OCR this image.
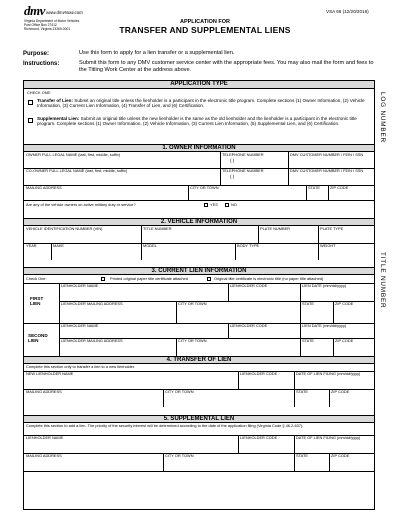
dmv www.dmvNow.com
Virginia Department of Motor Vehicles
Post Office Box 27412
Richmond, Virginia 23269-0001
VSA 66 (12/20/2016)
APPLICATION FOR
TRANSFER AND SUPPLEMENTAL LIENS
Purpose:	Use this form to apply for a lien transfer or a supplemental lien.
Instructions:	Submit this form to any DMV customer service center with the appropriate fees. You may also mail the form and fees to the Titling Work Center at the address above.
LOG NUMBER
TITLE NUMBER
APPLICATION TYPE
CHECK ONE:
Transfer of Lien: Submit an original title unless the lienholder is a participant in the electronic title program. Complete sections (1) Owner Information, (2) Vehicle Information, (3) Current Lien Information, (4) Transfer of Lien, and (6) Certification.
Supplemental Lien: Submit an original title unless the new lienholder is the same as the old lienholder and the lienholder is a participant in the electronic title program. Complete sections (1) Owner Information, (2) Vehicle Information, (3) Current Lien Information, (5) Supplemental Lien, and (6) Certification.
1. OWNER INFORMATION
OWNER FULL LEGAL NAME (last, first, middle, suffix)	TELEPHONE NUMBER	DMV CUSTOMER NUMBER / FEIN / SSN
( )
CO-OWNER FULL LEGAL NAME (last, first, middle, suffix)	TELEPHONE NUMBER	DMV CUSTOMER NUMBER / FEIN / SSN
( )
MAILING ADDRESS	CITY OR TOWN	STATE	ZIP CODE
Are any of the vehicle owners on active military duty or service?	YES	NO
2. VEHICLE INFORMATION
VEHICLE IDENTIFICATION NUMBER (VIN)	TITLE NUMBER	PLATE NUMBER	PLATE TYPE
YEAR	MAKE	MODEL	BODY TYPE	WEIGHT
3. CURRENT LIEN INFORMATION
Check One:	Printed original paper title certificate attached	Original title certificate is electronic title (no paper title attached)
FIRST
LIEN
LIENHOLDER NAME	LIENHOLDER CODE	LIEN DATE (mm/dd/yyyy)
LIENHOLDER MAILING ADDRESS	CITY OR TOWN	STATE	ZIP CODE
SECOND
LIEN
LIENHOLDER NAME	LIENHOLDER CODE	LIEN DATE (mm/dd/yyyy)
LIENHOLDER MAILING ADDRESS	CITY OR TOWN	STATE	ZIP CODE
4. TRANSFER OF LIEN
Complete this section only to transfer a lien to a new lienholder.
NEW LIENHOLDER NAME	LIENHOLDER CODE	DATE OF LIEN FILING (mm/dd/yyyy)
MAILING ADDRESS	CITY OR TOWN	STATE	ZIP CODE
5. SUPPLEMENTAL LIEN
Complete this section to add a lien. The priority of the security interest will be determined according to the date of the application filing (Virginia Code § 46.2-637).
LIENHOLDER NAME	LIENHOLDER CODE	DATE OF LIEN FILING (mm/dd/yyyy)
MAILING ADDRESS	CITY OR TOWN	STATE	ZIP CODE
